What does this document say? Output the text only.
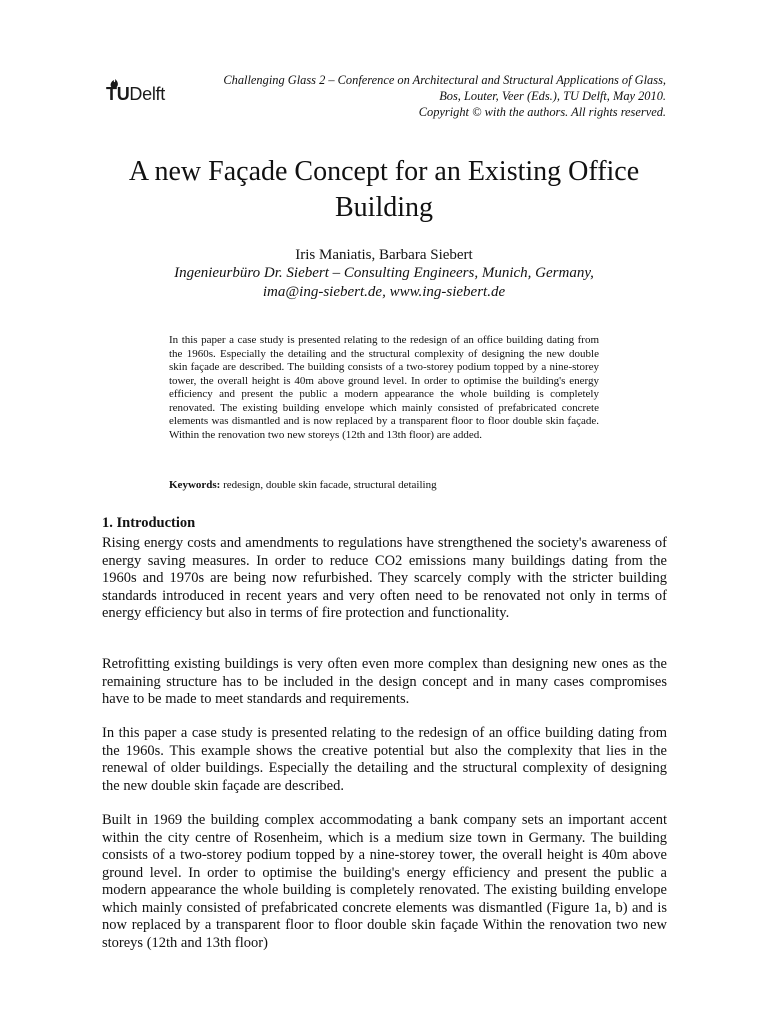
TUDelft
Challenging Glass 2 – Conference on Architectural and Structural Applications of Glass,
Bos, Louter, Veer (Eds.), TU Delft, May 2010.
Copyright © with the authors. All rights reserved.
A new Façade Concept for an Existing Office Building
Iris Maniatis, Barbara Siebert
Ingenieurbüro Dr. Siebert – Consulting Engineers, Munich, Germany,
ima@ing-siebert.de, www.ing-siebert.de
In this paper a case study is presented relating to the redesign of an office building dating from the 1960s. Especially the detailing and the structural complexity of designing the new double skin façade are described. The building consists of a two-storey podium topped by a nine-storey tower, the overall height is 40m above ground level. In order to optimise the building's energy efficiency and present the public a modern appearance the whole building is completely renovated. The existing building envelope which mainly consisted of prefabricated concrete elements was dismantled and is now replaced by a transparent floor to floor double skin façade. Within the renovation two new storeys (12th and 13th floor) are added.
Keywords: redesign, double skin facade, structural detailing
1. Introduction
Rising energy costs and amendments to regulations have strengthened the society's awareness of energy saving measures. In order to reduce CO2 emissions many buildings dating from the 1960s and 1970s are being now refurbished. They scarcely comply with the stricter building standards introduced in recent years and very often need to be renovated not only in terms of energy efficiency but also in terms of fire protection and functionality.
Retrofitting existing buildings is very often even more complex than designing new ones as the remaining structure has to be included in the design concept and in many cases compromises have to be made to meet standards and requirements.
In this paper a case study is presented relating to the redesign of an office building dating from the 1960s. This example shows the creative potential but also the complexity that lies in the renewal of older buildings. Especially the detailing and the structural complexity of designing the new double skin façade are described.
Built in 1969 the building complex accommodating a bank company sets an important accent within the city centre of Rosenheim, which is a medium size town in Germany. The building consists of a two-storey podium topped by a nine-storey tower, the overall height is 40m above ground level. In order to optimise the building's energy efficiency and present the public a modern appearance the whole building is completely renovated. The existing building envelope which mainly consisted of prefabricated concrete elements was dismantled (Figure 1a, b) and is now replaced by a transparent floor to floor double skin façade Within the renovation two new storeys (12th and 13th floor)
